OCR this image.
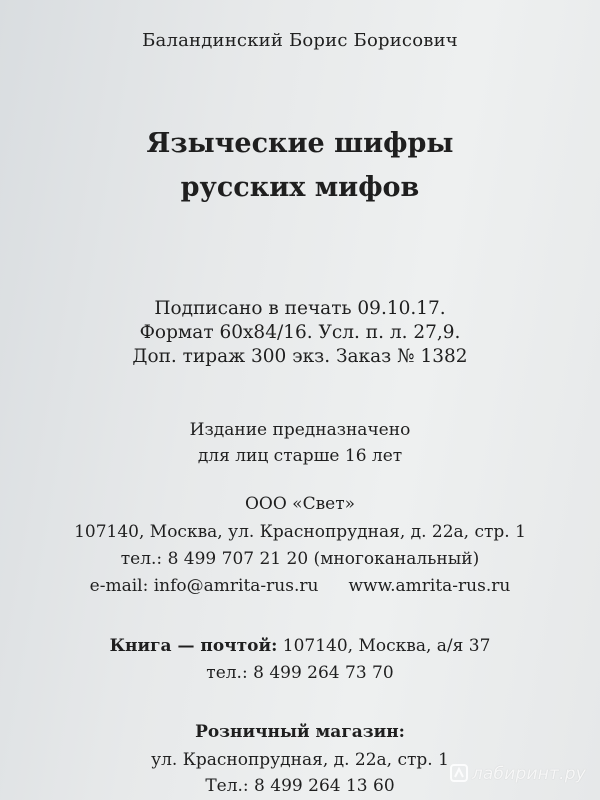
Баландинский Борис Борисович
Языческие шифры
русских мифов
Подписано в печать 09.10.17.
Формат 60x84/16. Усл. п. л. 27,9.
Доп. тираж 300 экз. Заказ № 1382
Издание предназначено
для лиц старше 16 лет
ООО «Свет»
107140, Москва, ул. Краснопрудная, д. 22а, стр. 1
тел.: 8 499 707 21 20 (многоканальный)
e-mail: info@amrita-rus.ru www.amrita-rus.ru
Книга — почтой: 107140, Москва, а/я 37
тел.: 8 499 264 73 70
Розничный магазин:
ул. Краснопрудная, д. 22а, стр. 1
Тел.: 8 499 264 13 60
лабиринт.ру
